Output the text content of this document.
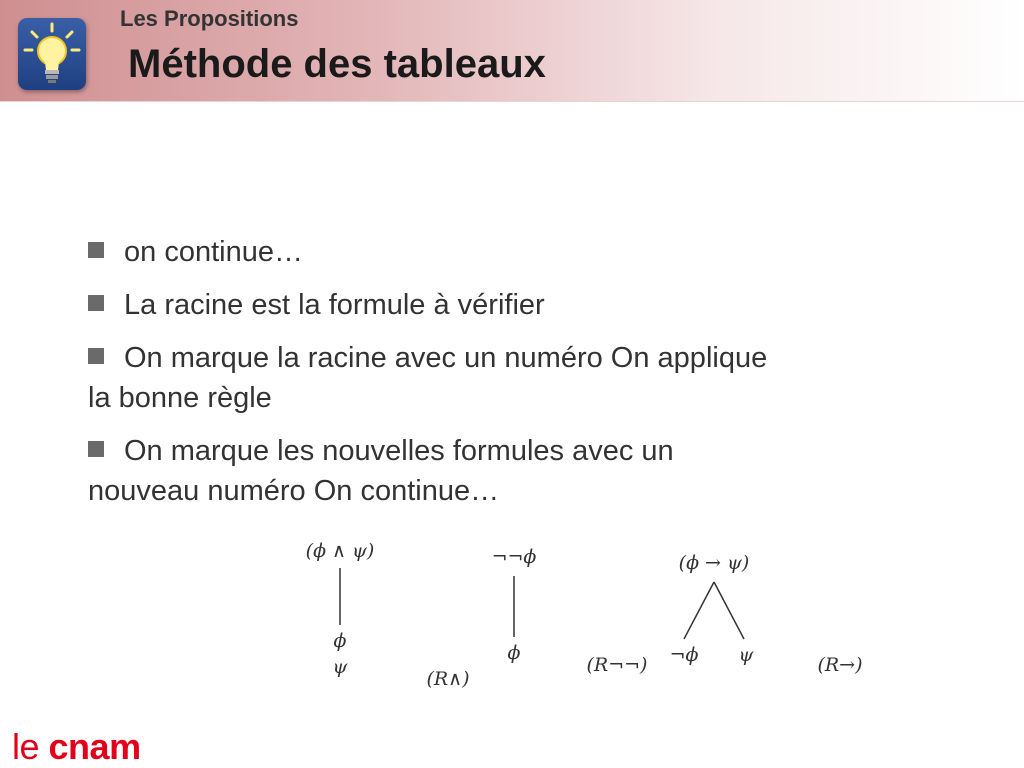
Les Propositions
Méthode des tableaux
on continue…
La racine est la formule à vérifier
On marque la racine avec un numéro On applique la bonne règle
On marque les nouvelles formules avec un nouveau numéro On continue…
(ϕ ∧ ψ)
ϕ
ψ
(R∧)
¬¬ϕ
ϕ
(R¬¬)
(ϕ → ψ)
¬ϕ ψ	(R→)
le cnam
